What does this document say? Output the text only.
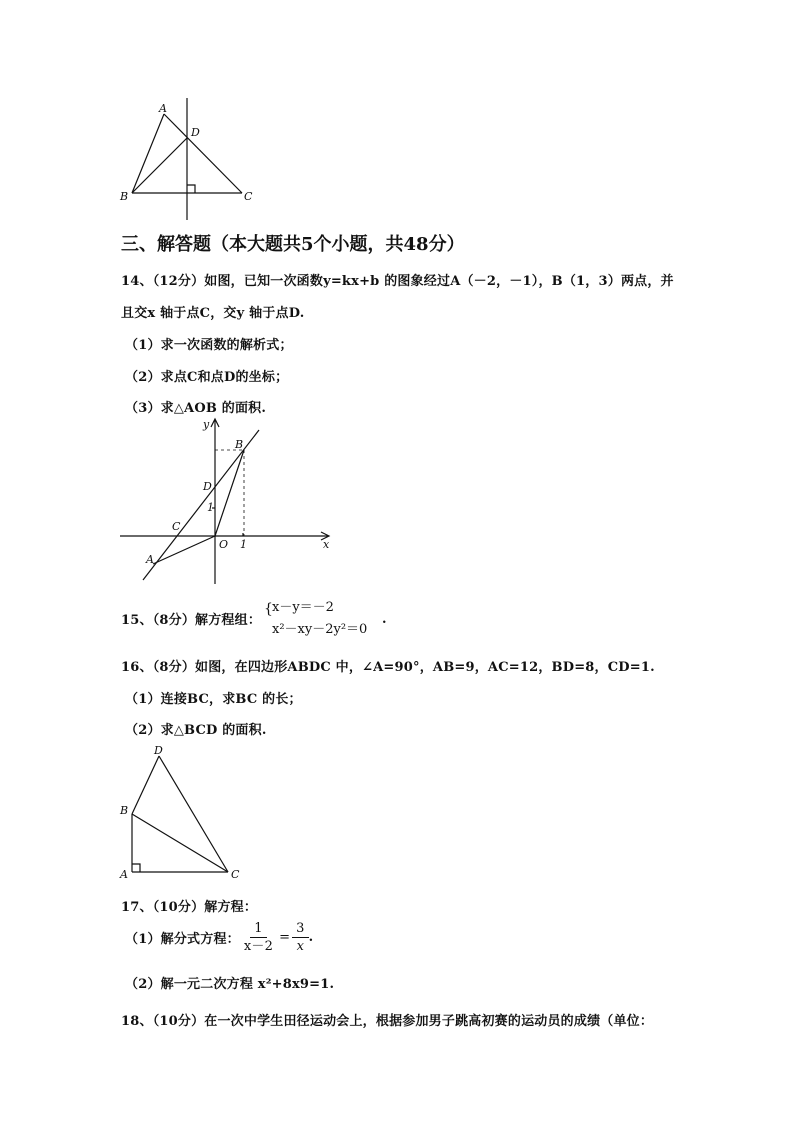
A
D
B	C
三、解答题（本大题共5个小题，共48分）
14、（12分）如图，已知一次函数y=kx+b 的图象经过A（－2，－1），B（1，3）两点，并
且交x 轴于点C，交y 轴于点D.
（1）求一次函数的解析式；
（2）求点C和点D的坐标；
（3）求△AOB 的面积.
y
x
B
D
1
C
O 1
A
15、（8分）解方程组：
{ x－y＝－2
x²－xy－2y²＝0
.
16、（8分）如图，在四边形ABDC 中，∠A=90°，AB=9，AC=12，BD=8，CD=1.
（1）连接BC，求BC 的长；
（2）求△BCD 的面积.
D
B
A	C
17、（10分）解方程：
（1）解分式方程： $\frac{1}{x-2} = \frac{3}{x}$ .
（2）解一元二次方程 x²+8x9=1.
18、（10分）在一次中学生田径运动会上，根据参加男子跳高初赛的运动员的成绩（单位：
